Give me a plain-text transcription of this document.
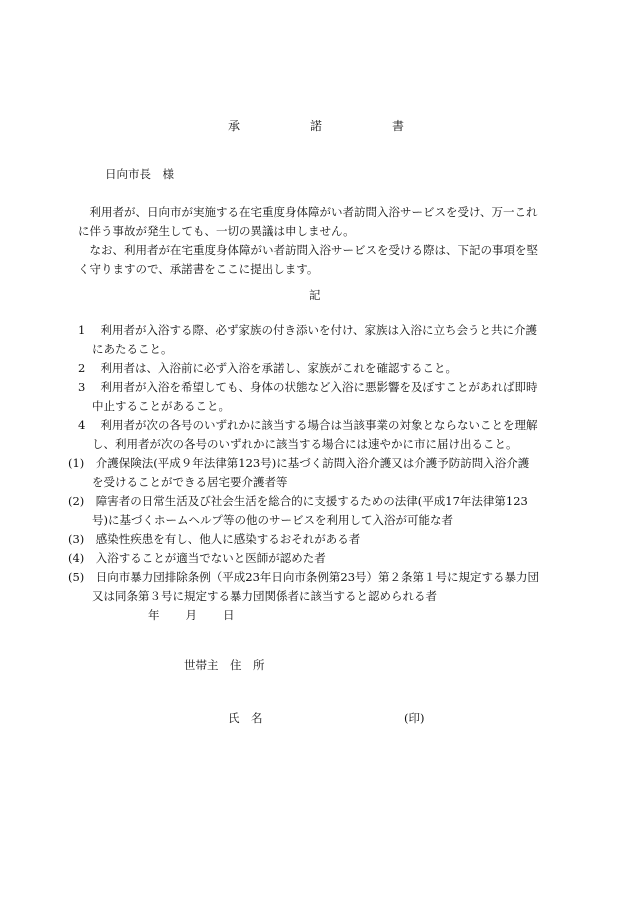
承	諾	書
日向市長　様
　利用者が、日向市が実施する在宅重度身体障がい者訪問入浴サービスを受け、万一これ
に伴う事故が発生しても、一切の異議は申しません。
　なお、利用者が在宅重度身体障がい者訪問入浴サービスを受ける際は、下記の事項を堅
く守りますので、承諾書をここに提出します。
記
1　 利用者が入浴する際、必ず家族の付き添いを付け、家族は入浴に立ち会うと共に介護
にあたること。
2　 利用者は、入浴前に必ず入浴を承諾し、家族がこれを確認すること。
3　 利用者が入浴を希望しても、身体の状態など入浴に悪影響を及ぼすことがあれば即時
中止することがあること。
4　 利用者が次の各号のいずれかに該当する場合は当該事業の対象とならないことを理解
し、利用者が次の各号のいずれかに該当する場合には速やかに市に届け出ること。
(1)　介護保険法(平成９年法律第123号)に基づく訪問入浴介護又は介護予防訪問入浴介護
を受けることができる居宅要介護者等
(2)　障害者の日常生活及び社会生活を総合的に支援するための法律(平成17年法律第123
号)に基づくホームヘルプ等の他のサービスを利用して入浴が可能な者
(3)　感染性疾患を有し、他人に感染するおそれがある者
(4)　入浴することが適当でないと医師が認めた者
(5)　日向市暴力団排除条例（平成23年日向市条例第23号）第２条第１号に規定する暴力団
又は同条第３号に規定する暴力団関係者に該当すると認められる者
年 月 日
世帯主　住　所
氏　名	(印)
